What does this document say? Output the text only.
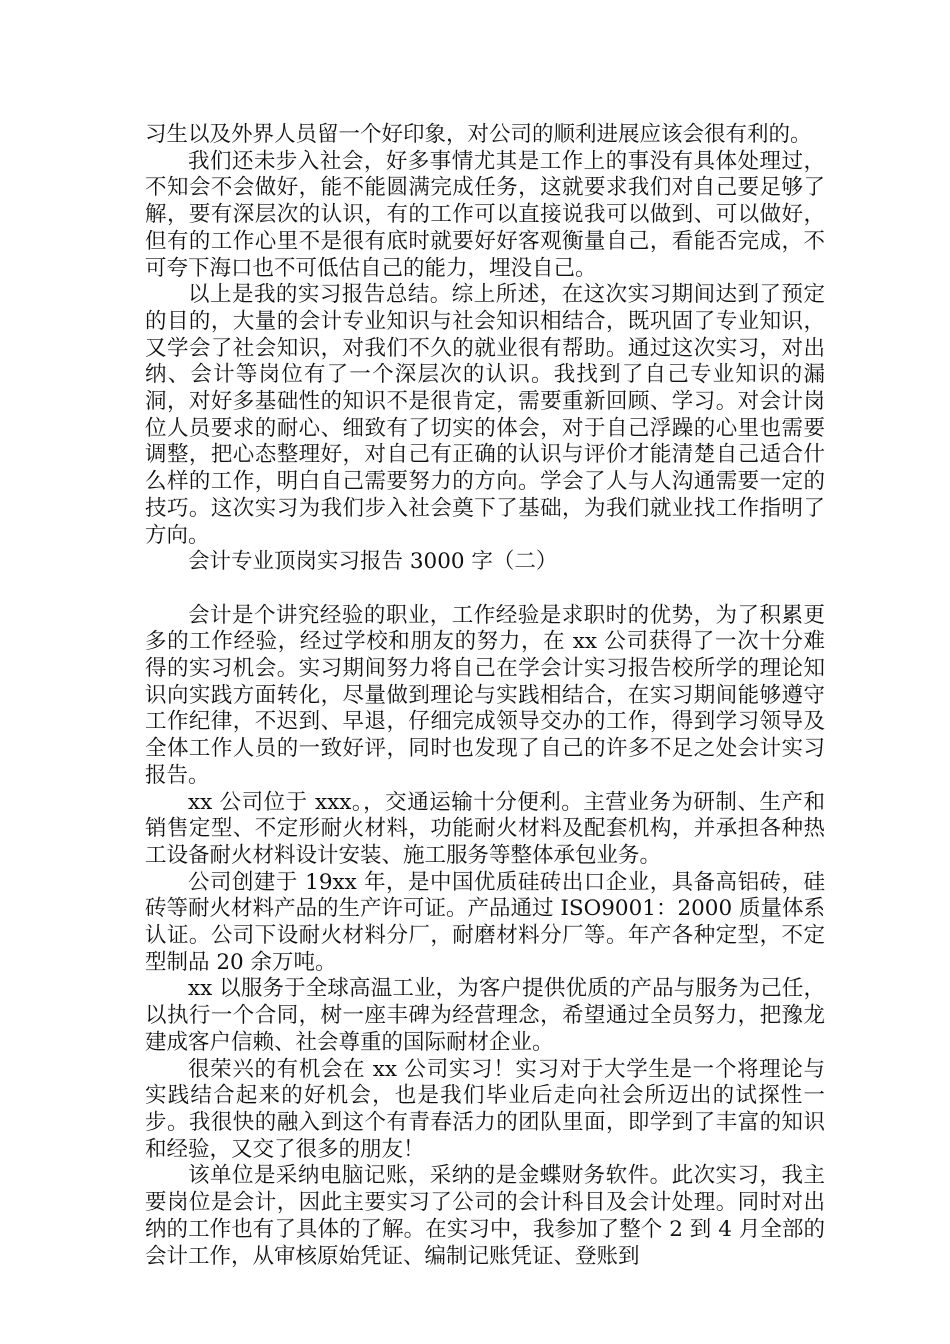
习生以及外界人员留一个好印象，对公司的顺利进展应该会很有利的。

我们还未步入社会，好多事情尤其是工作上的事没有具体处理过，不知会不会做好，能不能圆满完成任务，这就要求我们对自己要足够了解，要有深层次的认识，有的工作可以直接说我可以做到、可以做好，但有的工作心里不是很有底时就要好好客观衡量自己，看能否完成，不可夸下海口也不可低估自己的能力，埋没自己。

以上是我的实习报告总结。综上所述，在这次实习期间达到了预定的目的，大量的会计专业知识与社会知识相结合，既巩固了专业知识，又学会了社会知识，对我们不久的就业很有帮助。通过这次实习，对出纳、会计等岗位有了一个深层次的认识。我找到了自己专业知识的漏洞，对好多基础性的知识不是很肯定，需要重新回顾、学习。对会计岗位人员要求的耐心、细致有了切实的体会，对于自己浮躁的心里也需要调整，把心态整理好，对自己有正确的认识与评价才能清楚自己适合什么样的工作，明白自己需要努力的方向。学会了人与人沟通需要一定的技巧。这次实习为我们步入社会奠下了基础，为我们就业找工作指明了方向。

会计专业顶岗实习报告 3000 字（二）

会计是个讲究经验的职业，工作经验是求职时的优势，为了积累更多的工作经验，经过学校和朋友的努力，在 xx 公司获得了一次十分难得的实习机会。实习期间努力将自己在学会计实习报告校所学的理论知识向实践方面转化，尽量做到理论与实践相结合，在实习期间能够遵守工作纪律，不迟到、早退，仔细完成领导交办的工作，得到学习领导及全体工作人员的一致好评，同时也发现了自己的许多不足之处会计实习报告。

xx 公司位于 xxx。，交通运输十分便利。主营业务为研制、生产和销售定型、不定形耐火材料，功能耐火材料及配套机构，并承担各种热工设备耐火材料设计安装、施工服务等整体承包业务。

公司创建于 19xx 年，是中国优质硅砖出口企业，具备高铝砖，硅砖等耐火材料产品的生产许可证。产品通过 ISO9001：2000 质量体系认证。公司下设耐火材料分厂，耐磨材料分厂等。年产各种定型，不定型制品 20 余万吨。

xx 以服务于全球高温工业，为客户提供优质的产品与服务为己任，以执行一个合同，树一座丰碑为经营理念，希望通过全员努力，把豫龙建成客户信赖、社会尊重的国际耐材企业。

很荣兴的有机会在 xx 公司实习！实习对于大学生是一个将理论与实践结合起来的好机会，也是我们毕业后走向社会所迈出的试探性一步。我很快的融入到这个有青春活力的团队里面，即学到了丰富的知识和经验，又交了很多的朋友！

该单位是采纳电脑记账，采纳的是金蝶财务软件。此次实习，我主要岗位是会计，因此主要实习了公司的会计科目及会计处理。同时对出纳的工作也有了具体的了解。在实习中，我参加了整个 2 到 4 月全部的会计工作，从审核原始凭证、编制记账凭证、登账到
